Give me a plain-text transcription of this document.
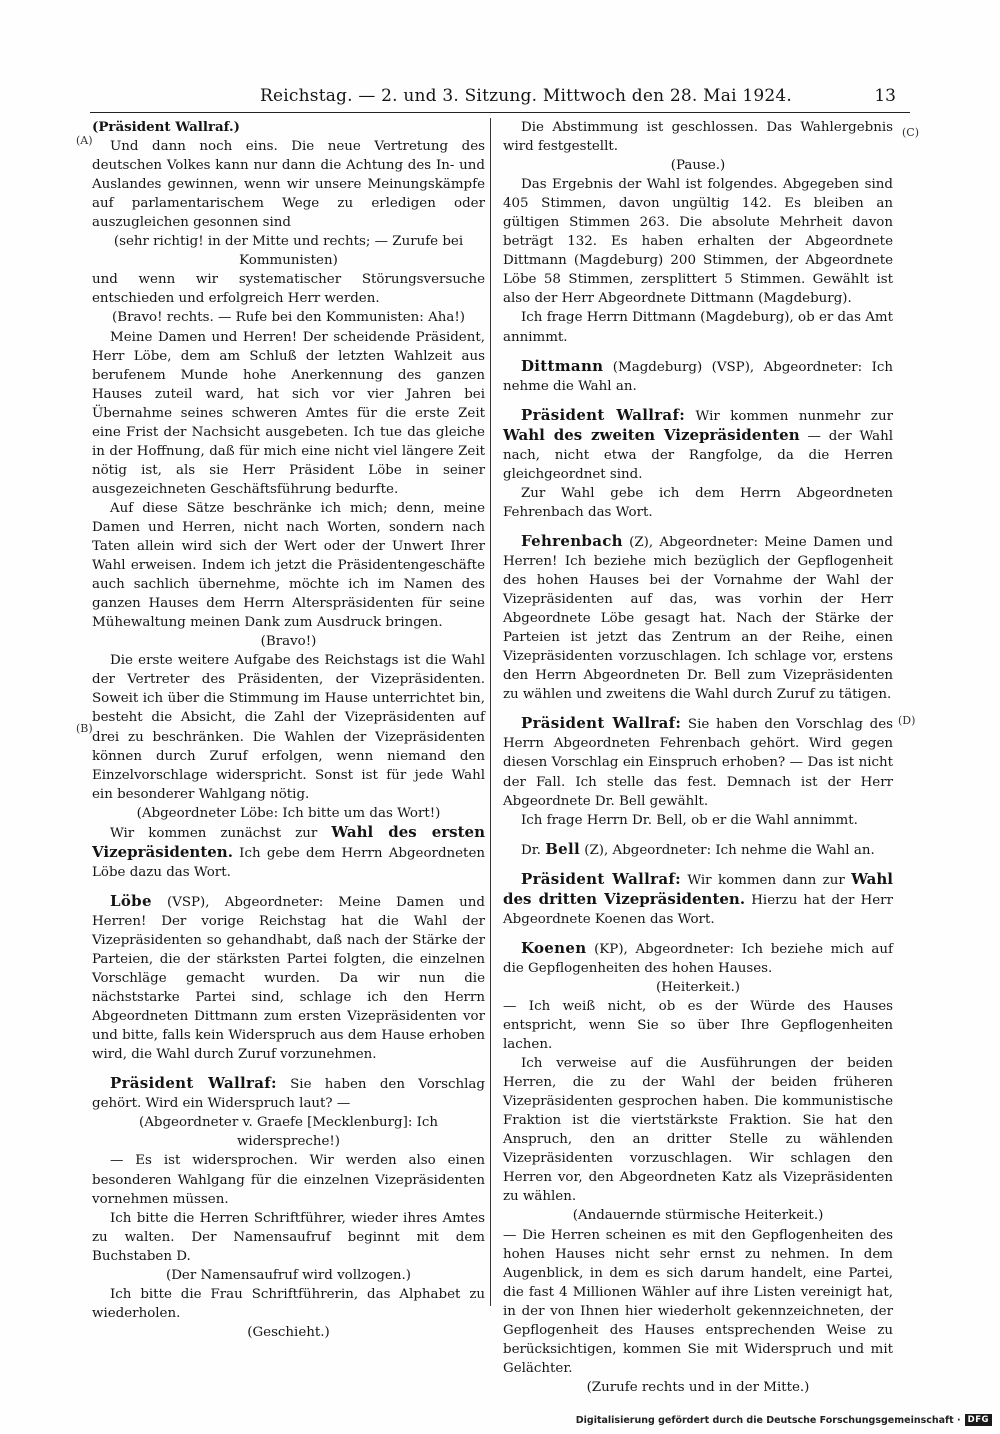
Reichstag. — 2. und 3. Sitzung. Mittwoch den 28. Mai 1924.	13
(A)
(B)
(C)
(D)

(Präsident Wallraf.)

Und dann noch eins. Die neue Vertretung des deutschen Volkes kann nur dann die Achtung des In- und Auslandes gewinnen, wenn wir unsere Meinungskämpfe auf parlamentarischem Wege zu erledigen oder auszugleichen gesonnen sind

(sehr richtig! in der Mitte und rechts; — Zurufe bei Kommunisten)

und wenn wir systematischer Störungsversuche entschieden und erfolgreich Herr werden.

(Bravo! rechts. — Rufe bei den Kommunisten: Aha!)

Meine Damen und Herren! Der scheidende Präsident, Herr Löbe, dem am Schluß der letzten Wahlzeit aus berufenem Munde hohe Anerkennung des ganzen Hauses zuteil ward, hat sich vor vier Jahren bei Übernahme seines schweren Amtes für die erste Zeit eine Frist der Nachsicht ausgebeten. Ich tue das gleiche in der Hoffnung, daß für mich eine nicht viel längere Zeit nötig ist, als sie Herr Präsident Löbe in seiner ausgezeichneten Geschäftsführung bedurfte.

Auf diese Sätze beschränke ich mich; denn, meine Damen und Herren, nicht nach Worten, sondern nach Taten allein wird sich der Wert oder der Unwert Ihrer Wahl erweisen. Indem ich jetzt die Präsidentengeschäfte auch sachlich übernehme, möchte ich im Namen des ganzen Hauses dem Herrn Alterspräsidenten für seine Mühewaltung meinen Dank zum Ausdruck bringen.

(Bravo!)

Die erste weitere Aufgabe des Reichstags ist die Wahl der Vertreter des Präsidenten, der Vizepräsidenten. Soweit ich über die Stimmung im Hause unterrichtet bin, besteht die Absicht, die Zahl der Vizepräsidenten auf drei zu beschränken. Die Wahlen der Vizepräsidenten können durch Zuruf erfolgen, wenn niemand den Einzelvorschlage widerspricht. Sonst ist für jede Wahl ein besonderer Wahlgang nötig.

(Abgeordneter Löbe: Ich bitte um das Wort!)

Wir kommen zunächst zur Wahl des ersten Vizepräsidenten. Ich gebe dem Herrn Abgeordneten Löbe dazu das Wort.

Löbe (VSP), Abgeordneter: Meine Damen und Herren! Der vorige Reichstag hat die Wahl der Vizepräsidenten so gehandhabt, daß nach der Stärke der Parteien, die der stärksten Partei folgten, die einzelnen Vorschläge gemacht wurden. Da wir nun die nächststarke Partei sind, schlage ich den Herrn Abgeordneten Dittmann zum ersten Vizepräsidenten vor und bitte, falls kein Widerspruch aus dem Hause erhoben wird, die Wahl durch Zuruf vorzunehmen.

Präsident Wallraf: Sie haben den Vorschlag gehört. Wird ein Widerspruch laut? —

(Abgeordneter v. Graefe [Mecklenburg]: Ich widerspreche!)

— Es ist widersprochen. Wir werden also einen besonderen Wahlgang für die einzelnen Vizepräsidenten vornehmen müssen.

Ich bitte die Herren Schriftführer, wieder ihres Amtes zu walten. Der Namensaufruf beginnt mit dem Buchstaben D.

(Der Namensaufruf wird vollzogen.)

Ich bitte die Frau Schriftführerin, das Alphabet zu wiederholen.

(Geschieht.)

Die Abstimmung ist geschlossen. Das Wahlergebnis wird festgestellt.

(Pause.)

Das Ergebnis der Wahl ist folgendes. Abgegeben sind 405 Stimmen, davon ungültig 142. Es bleiben an gültigen Stimmen 263. Die absolute Mehrheit davon beträgt 132. Es haben erhalten der Abgeordnete Dittmann (Magdeburg) 200 Stimmen, der Abgeordnete Löbe 58 Stimmen, zersplittert 5 Stimmen. Gewählt ist also der Herr Abgeordnete Dittmann (Magdeburg).

Ich frage Herrn Dittmann (Magdeburg), ob er das Amt annimmt.

Dittmann (Magdeburg) (VSP), Abgeordneter: Ich nehme die Wahl an.

Präsident Wallraf: Wir kommen nunmehr zur Wahl des zweiten Vizepräsidenten — der Wahl nach, nicht etwa der Rangfolge, da die Herren gleichgeordnet sind.

Zur Wahl gebe ich dem Herrn Abgeordneten Fehrenbach das Wort.

Fehrenbach (Z), Abgeordneter: Meine Damen und Herren! Ich beziehe mich bezüglich der Gepflogenheit des hohen Hauses bei der Vornahme der Wahl der Vizepräsidenten auf das, was vorhin der Herr Abgeordnete Löbe gesagt hat. Nach der Stärke der Parteien ist jetzt das Zentrum an der Reihe, einen Vizepräsidenten vorzuschlagen. Ich schlage vor, erstens den Herrn Abgeordneten Dr. Bell zum Vizepräsidenten zu wählen und zweitens die Wahl durch Zuruf zu tätigen.

Präsident Wallraf: Sie haben den Vorschlag des Herrn Abgeordneten Fehrenbach gehört. Wird gegen diesen Vorschlag ein Einspruch erhoben? — Das ist nicht der Fall. Ich stelle das fest. Demnach ist der Herr Abgeordnete Dr. Bell gewählt.

Ich frage Herrn Dr. Bell, ob er die Wahl annimmt.

Dr. Bell (Z), Abgeordneter: Ich nehme die Wahl an.

Präsident Wallraf: Wir kommen dann zur Wahl des dritten Vizepräsidenten. Hierzu hat der Herr Abgeordnete Koenen das Wort.

Koenen (KP), Abgeordneter: Ich beziehe mich auf die Gepflogenheiten des hohen Hauses.

(Heiterkeit.)

— Ich weiß nicht, ob es der Würde des Hauses entspricht, wenn Sie so über Ihre Gepflogenheiten lachen.

Ich verweise auf die Ausführungen der beiden Herren, die zu der Wahl der beiden früheren Vizepräsidenten gesprochen haben. Die kommunistische Fraktion ist die viertstärkste Fraktion. Sie hat den Anspruch, den an dritter Stelle zu wählenden Vizepräsidenten vorzuschlagen. Wir schlagen den Herren vor, den Abgeordneten Katz als Vizepräsidenten zu wählen.

(Andauernde stürmische Heiterkeit.)

— Die Herren scheinen es mit den Gepflogenheiten des hohen Hauses nicht sehr ernst zu nehmen. In dem Augenblick, in dem es sich darum handelt, eine Partei, die fast 4 Millionen Wähler auf ihre Listen vereinigt hat, in der von Ihnen hier wiederholt gekennzeichneten, der Gepflogenheit des Hauses entsprechenden Weise zu berücksichtigen, kommen Sie mit Widerspruch und mit Gelächter.

(Zurufe rechts und in der Mitte.)

Digitalisierung gefördert durch die Deutsche Forschungsgemeinschaft · DFG
